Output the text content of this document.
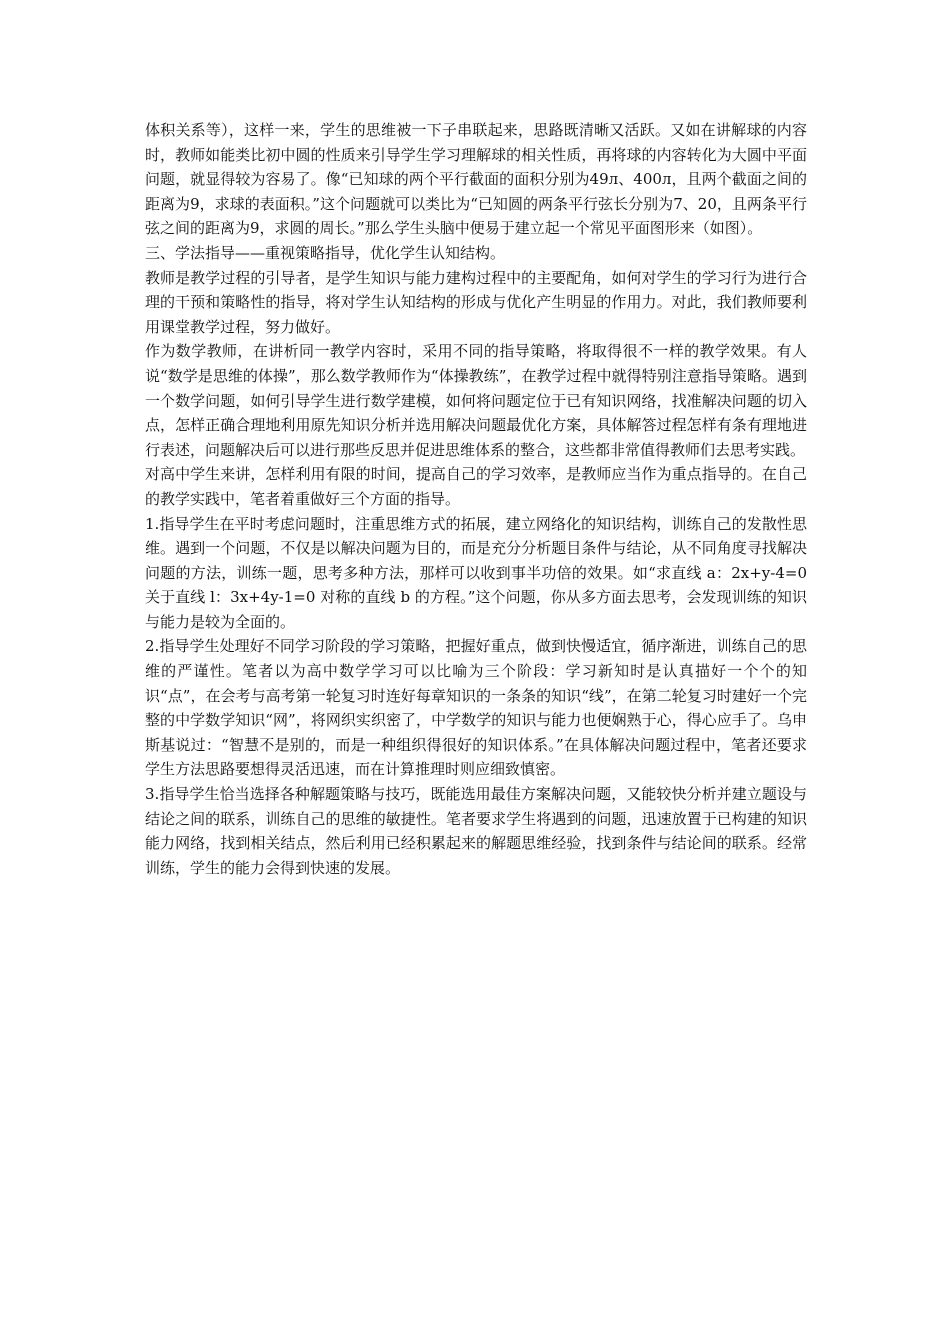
体积关系等），这样一来，学生的思维被一下子串联起来，思路既清晰又活跃。又如在讲解球的内容时，教师如能类比初中圆的性质来引导学生学习理解球的相关性质，再将球的内容转化为大圆中平面问题，就显得较为容易了。像“已知球的两个平行截面的面积分别为49л、400л，且两个截面之间的距离为9，求球的表面积。”这个问题就可以类比为“已知圆的两条平行弦长分别为7、20，且两条平行弦之间的距离为9，求圆的周长。”那么学生头脑中便易于建立起一个常见平面图形来（如图）。

三、学法指导——重视策略指导，优化学生认知结构。

教师是教学过程的引导者，是学生知识与能力建构过程中的主要配角，如何对学生的学习行为进行合理的干预和策略性的指导，将对学生认知结构的形成与优化产生明显的作用力。对此，我们教师要利用课堂教学过程，努力做好。

作为数学教师，在讲析同一教学内容时，采用不同的指导策略，将取得很不一样的教学效果。有人说“数学是思维的体操”，那么数学教师作为“体操教练”，在教学过程中就得特别注意指导策略。遇到一个数学问题，如何引导学生进行数学建模，如何将问题定位于已有知识网络，找准解决问题的切入点，怎样正确合理地利用原先知识分析并选用解决问题最优化方案，具体解答过程怎样有条有理地进行表述，问题解决后可以进行那些反思并促进思维体系的整合，这些都非常值得教师们去思考实践。

对高中学生来讲，怎样利用有限的时间，提高自己的学习效率，是教师应当作为重点指导的。在自己的教学实践中，笔者着重做好三个方面的指导。

1.指导学生在平时考虑问题时，注重思维方式的拓展，建立网络化的知识结构，训练自己的发散性思维。遇到一个问题，不仅是以解决问题为目的，而是充分分析题目条件与结论，从不同角度寻找解决问题的方法，训练一题，思考多种方法，那样可以收到事半功倍的效果。如“求直线 a：2x+y-4=0 关于直线 l：3x+4y-1=0 对称的直线 b 的方程。”这个问题，你从多方面去思考，会发现训练的知识与能力是较为全面的。

2.指导学生处理好不同学习阶段的学习策略，把握好重点，做到快慢适宜，循序渐进，训练自己的思维的严谨性。笔者以为高中数学学习可以比喻为三个阶段：学习新知时是认真描好一个个的知识“点”，在会考与高考第一轮复习时连好每章知识的一条条的知识“线”，在第二轮复习时建好一个完整的中学数学知识“网”，将网织实织密了，中学数学的知识与能力也便娴熟于心，得心应手了。乌申斯基说过：“智慧不是别的，而是一种组织得很好的知识体系。”在具体解决问题过程中，笔者还要求学生方法思路要想得灵活迅速，而在计算推理时则应细致慎密。

3.指导学生恰当选择各种解题策略与技巧，既能选用最佳方案解决问题，又能较快分析并建立题设与结论之间的联系，训练自己的思维的敏捷性。笔者要求学生将遇到的问题，迅速放置于已构建的知识能力网络，找到相关结点，然后利用已经积累起来的解题思维经验，找到条件与结论间的联系。经常训练，学生的能力会得到快速的发展。
